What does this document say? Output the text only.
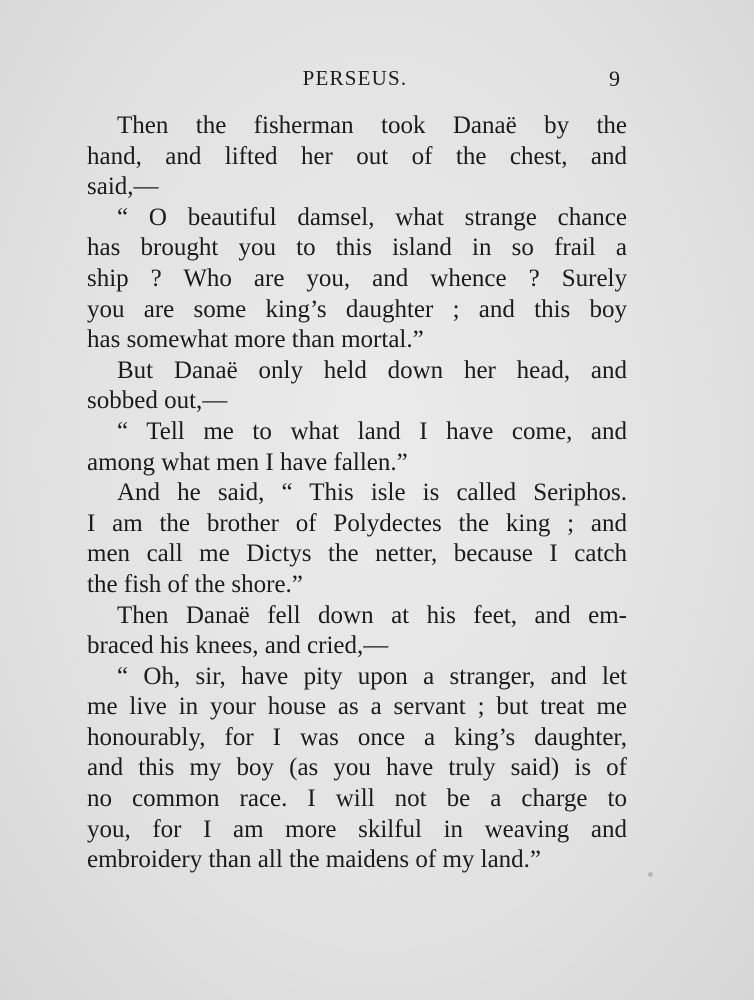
PERSEUS.	9
Then the fisherman took Danaë by the
hand, and lifted her out of the chest, and
said,—
“ O beautiful damsel, what strange chance
has brought you to this island in so frail a
ship ? Who are you, and whence ? Surely
you are some king’s daughter ; and this boy
has somewhat more than mortal.”
But Danaë only held down her head, and
sobbed out,—
“ Tell me to what land I have come, and
among what men I have fallen.”
And he said, “ This isle is called Seriphos.
I am the brother of Polydectes the king ; and
men call me Dictys the netter, because I catch
the fish of the shore.”
Then Danaë fell down at his feet, and em-
braced his knees, and cried,—
“ Oh, sir, have pity upon a stranger, and let
me live in your house as a servant ; but treat me
honourably, for I was once a king’s daughter,
and this my boy (as you have truly said) is of
no common race. I will not be a charge to
you, for I am more skilful in weaving and
embroidery than all the maidens of my land.”
